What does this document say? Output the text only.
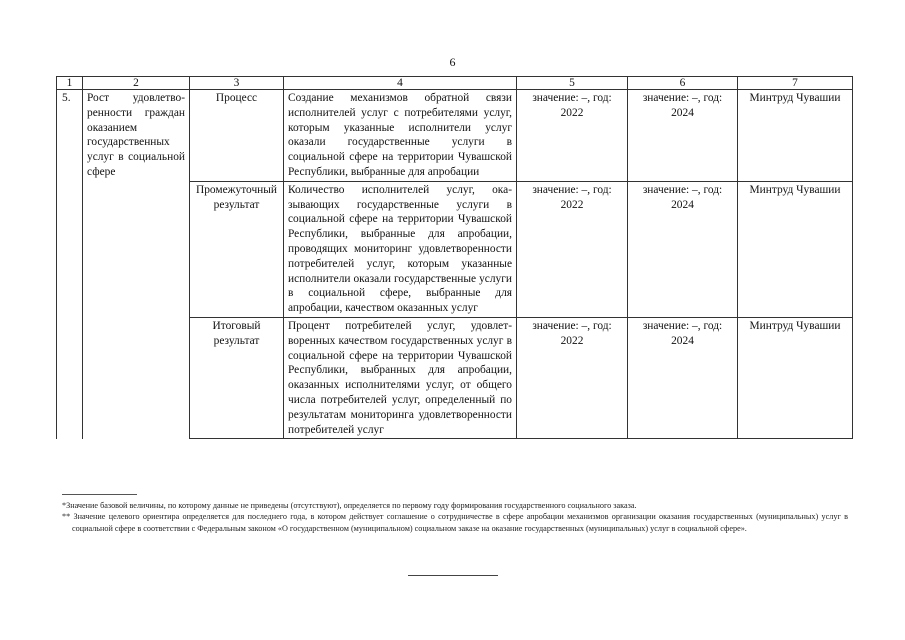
6
1	2	3	4	5	6	7
5.	Рост удовлетворенности граждан оказанием государственных услуг в социальной сфере	Процесс	Создание механизмов обратной связи исполнителей услуг с потребителями услуг, которым указанные исполнители услуг оказали государственные услуги в социальной сфере на территории Чувашской Республики, выбранные для апробации	значение: –, год: 2022	значение: –, год: 2024	Минтруд Чувашии
		Промежуточный результат	Количество исполнителей услуг, оказывающих государственные услуги в социальной сфере на территории Чувашской Республики, выбранные для апробации, проводящих мониторинг удовлетворенности потребителей услуг, которым указанные исполнители оказали государственные услуги в социальной сфере, выбранные для апробации, качеством оказанных услуг	значение: –, год: 2022	значение: –, год: 2024	Минтруд Чувашии
		Итоговый результат	Процент потребителей услуг, удовлетворенных качеством государственных услуг в социальной сфере на территории Чувашской Республики, выбранных для апробации, оказанных исполнителями услуг, от общего числа потребителей услуг, определенный по результатам мониторинга удовлетворенности потребителей услуг	значение: –, год: 2022	значение: –, год: 2024	Минтруд Чувашии

*Значение базовой величины, по которому данные не приведены (отсутствуют), определяется по первому году формирования государственного социального заказа.

** Значение целевого ориентира определяется для последнего года, в котором действует соглашение о сотрудничестве в сфере апробации механизмов организации оказания государственных (муниципальных) услуг в социальной сфере в соответствии с Федеральным законом «О государственном (муниципальном) социальном заказе на оказание государственных (муниципальных) услуг в социальной сфере».
